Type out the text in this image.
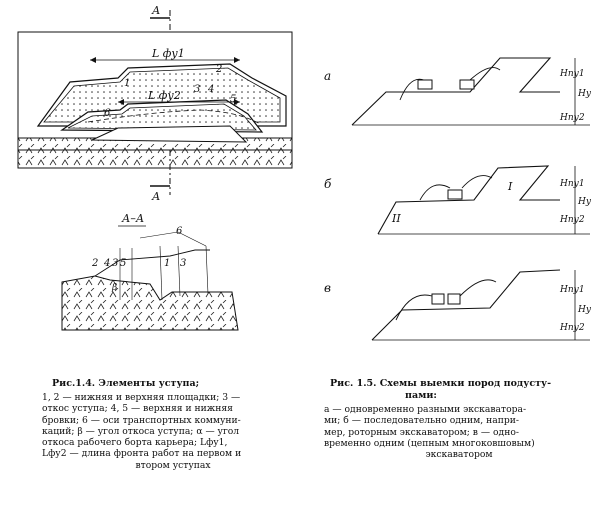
А
А
L фу1
L фу2
1
2
3 4
5
6
А–А
2 4 3 5	1 3
6
β
а	Hпу1
Hу
Hпу2
б	I
II
Hпу1
Hу
Hпу2
в	Hпу1
Hу
Hпу2
Рис.1.4. Элементы уступа;
1, 2 — нижняя и верхняя площадки; 3 —
откос уступа; 4, 5 — верхняя и нижняя
бровки; 6 — оси транспортных коммуни-
каций; β — угол откоса уступа; α — угол
откоса рабочего борта карьера; Lфу1,
Lфу2 — длина фронта работ на первом и
втором уступах
Рис. 1.5. Схемы выемки пород подусту-
пами:
а — одновременно разными экскаватора-
ми; б — последовательно одним, напри-
мер, роторным экскаватором; в — одно-
временно одним (цепным многоковшовым)
экскаватором
